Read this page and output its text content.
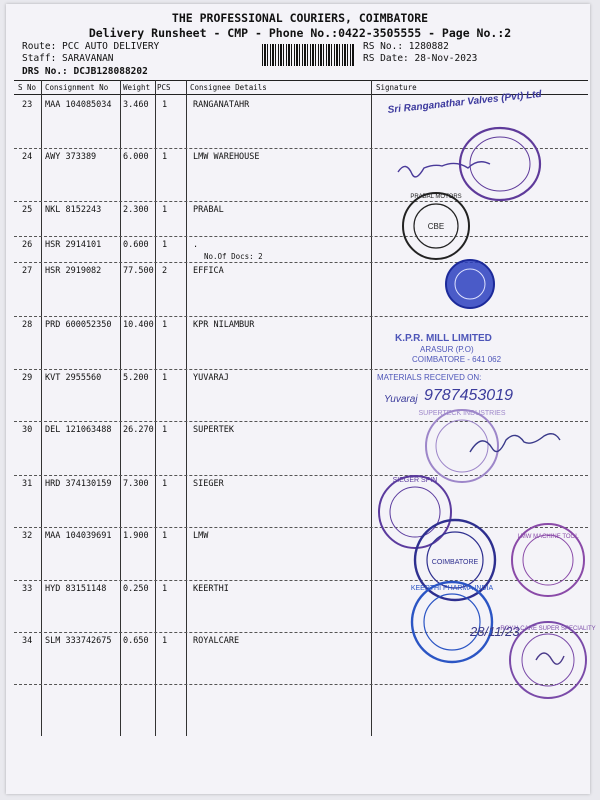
THE PROFESSIONAL COURIERS, COIMBATORE
Delivery Runsheet - CMP - Phone No.:0422-3505555 - Page No.:2
Route: PCC AUTO DELIVERY
Staff: SARAVANAN
DRS No.: DCJB128088202
RS No.: 1280882
RS Date: 28-Nov-2023
S No Consignment No Weight PCS	Consignee Details	Signature
23 MAA 104085034 3.460 1	RANGANATAHR
24 AWY 373389	6.000 1	LMW WAREHOUSE
25 NKL 8152243	2.300 1	PRABAL
26 HSR 2914101	0.600 1	.
27 HSR 2919082	77.500 2	EFFICA
28 PRD 600052350 10.400 1	KPR NILAMBUR
29 KVT 2955560	5.200 1	YUVARAJ
30 DEL 121063488 26.270 1	SUPERTEK
31 HRD 374130159 7.300 1	SIEGER
32 MAA 104039691 1.900 1	LMW
33 HYD 83151148 0.250 1	KEERTHI
34 SLM 333742675 0.650 1	ROYALCARE
No.Of Docs: 2
Sri Ranganathar Valves (Pvt) Ltd
CBE
PRABAL MOTORS
K.P.R. MILL LIMITED
ARASUR (P.O)
COIMBATORE - 641 062
MATERIALS RECEIVED ON:
Yuvaraj 9787453019
SUPERTECK INDUSTRIES
SIEGER SPIN
COIMBATORE
LMW MACHINE TOOL
KEERTHI PHARMA INDIA
28/11/23
ROYALCARE SUPER SPECIALITY
